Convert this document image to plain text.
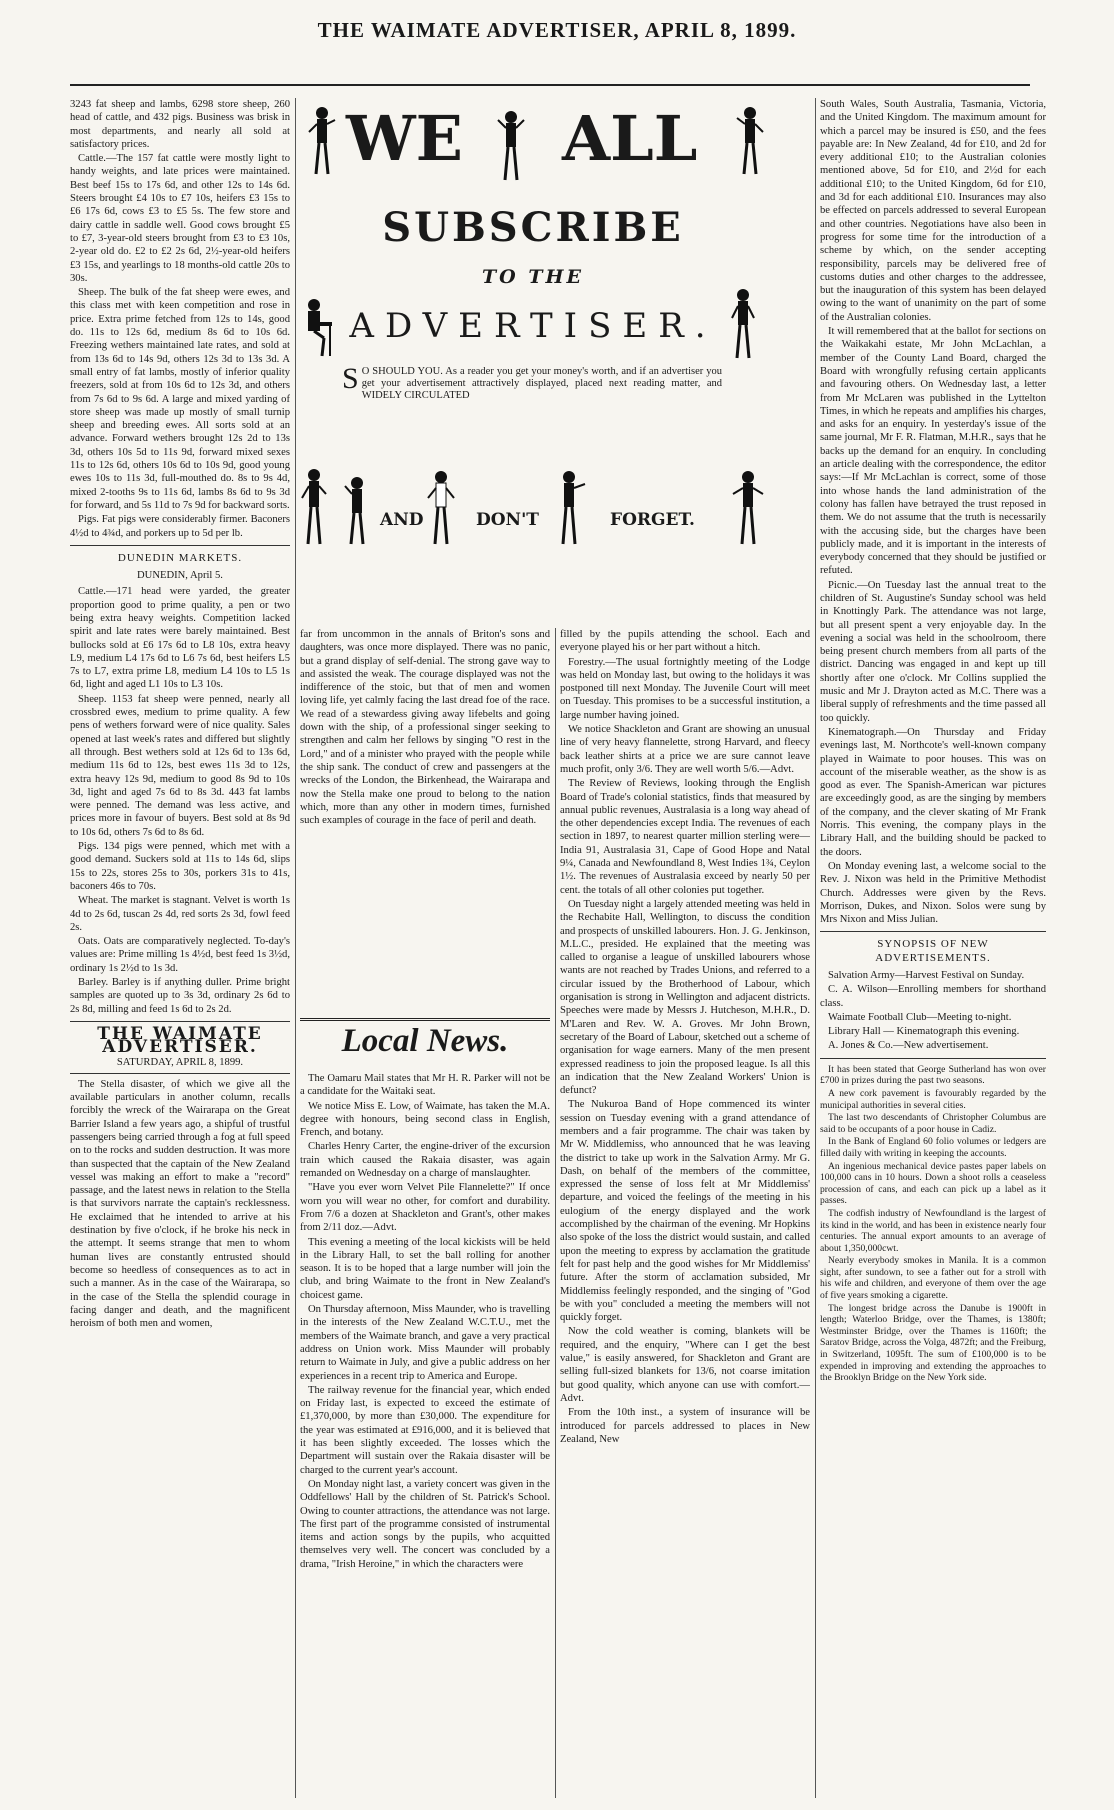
THE WAIMATE ADVERTISER, APRIL 8, 1899.

3243 fat sheep and lambs, 6298 store sheep, 260 head of cattle, and 432 pigs. Business was brisk in most departments, and nearly all sold at satisfactory prices.

Cattle.—The 157 fat cattle were mostly light to handy weights, and late prices were maintained. Best beef 15s to 17s 6d, and other 12s to 14s 6d. Steers brought £4 10s to £7 10s, heifers £3 15s to £6 17s 6d, cows £3 to £5 5s. The few store and dairy cattle in saddle well. Good cows brought £5 to £7, 3-year-old steers brought from £3 to £3 10s, 2-year old do. £2 to £2 2s 6d, 2½-year-old heifers £3 15s, and yearlings to 18 months-old cattle 20s to 30s.

Sheep. The bulk of the fat sheep were ewes, and this class met with keen competition and rose in price. Extra prime fetched from 12s to 14s, good do. 11s to 12s 6d, medium 8s 6d to 10s 6d. Freezing wethers maintained late rates, and sold at from 13s 6d to 14s 9d, others 12s 3d to 13s 3d. A small entry of fat lambs, mostly of inferior quality freezers, sold at from 10s 6d to 12s 3d, and others from 7s 6d to 9s 6d. A large and mixed yarding of store sheep was made up mostly of small turnip sheep and breeding ewes. All sorts sold at an advance. Forward wethers brought 12s 2d to 13s 3d, others 10s 5d to 11s 9d, forward mixed sexes 11s to 12s 6d, others 10s 6d to 10s 9d, good young ewes 10s to 11s 3d, full-mouthed do. 8s to 9s 4d, mixed 2-tooths 9s to 11s 6d, lambs 8s 6d to 9s 3d for forward, and 5s 11d to 7s 9d for backward sorts.

Pigs. Fat pigs were considerably firmer. Baconers 4½d to 4¾d, and porkers up to 5d per lb.

DUNEDIN MARKETS.
DUNEDIN, April 5.

Cattle.—171 head were yarded, the greater proportion good to prime quality, a pen or two being extra heavy weights. Competition lacked spirit and late rates were barely maintained. Best bullocks sold at £6 17s 6d to L8 10s, extra heavy L9, medium L4 17s 6d to L6 7s 6d, best heifers L5 7s to L7, extra prime L8, medium L4 10s to L5 1s 6d, light and aged L1 10s to L3 10s.

Sheep. 1153 fat sheep were penned, nearly all crossbred ewes, medium to prime quality. A few pens of wethers forward were of nice quality. Sales opened at last week's rates and differed but slightly all through. Best wethers sold at 12s 6d to 13s 6d, medium 11s 6d to 12s, best ewes 11s 3d to 12s, extra heavy 12s 9d, medium to good 8s 9d to 10s 3d, light and aged 7s 6d to 8s 3d. 443 fat lambs were penned. The demand was less active, and prices more in favour of buyers. Best sold at 8s 9d to 10s 6d, others 7s 6d to 8s 6d.

Pigs. 134 pigs were penned, which met with a good demand. Suckers sold at 11s to 14s 6d, slips 15s to 22s, stores 25s to 30s, porkers 31s to 41s, baconers 46s to 70s.

Wheat. The market is stagnant. Velvet is worth 1s 4d to 2s 6d, tuscan 2s 4d, red sorts 2s 3d, fowl feed 2s.

Oats. Oats are comparatively neglected. To-day's values are: Prime milling 1s 4½d, best feed 1s 3½d, ordinary 1s 2½d to 1s 3d.

Barley. Barley is if anything duller. Prime bright samples are quoted up to 3s 3d, ordinary 2s 6d to 2s 8d, milling and feed 1s 6d to 2s 2d.

THE WAIMATE ADVERTISER.
SATURDAY, APRIL 8, 1899.

The Stella disaster, of which we give all the available particulars in another column, recalls forcibly the wreck of the Wairarapa on the Great Barrier Island a few years ago, a shipful of trustful passengers being carried through a fog at full speed on to the rocks and sudden destruction. It was more than suspected that the captain of the New Zealand vessel was making an effort to make a "record" passage, and the latest news in relation to the Stella is that survivors narrate the captain's recklessness. He exclaimed that he intended to arrive at his destination by five o'clock, if he broke his neck in the attempt. It seems strange that men to whom human lives are constantly entrusted should become so heedless of consequences as to act in such a manner. As in the case of the Wairarapa, so in the case of the Stella the splendid courage in facing danger and death, and the magnificent heroism of both men and women,

WE ALL
SUBSCRIBE
TO THE
ADVERTISER.
S O SHOULD YOU. As a reader you get your money's worth, and if an advertiser you get your advertisement attractively displayed, placed next reading matter, and WIDELY CIRCULATED
AND	DON'T	FORGET.

far from uncommon in the annals of Briton's sons and daughters, was once more displayed. There was no panic, but a grand display of self-denial. The strong gave way to and assisted the weak. The courage displayed was not the indifference of the stoic, but that of men and women loving life, yet calmly facing the last dread foe of the race. We read of a stewardess giving away lifebelts and going down with the ship, of a professional singer seeking to strengthen and calm her fellows by singing "O rest in the Lord," and of a minister who prayed with the people while the ship sank. The conduct of crew and passengers at the wrecks of the London, the Birkenhead, the Wairarapa and now the Stella make one proud to belong to the nation which, more than any other in modern times, furnished such examples of courage in the face of peril and death.

Local News.

The Oamaru Mail states that Mr H. R. Parker will not be a candidate for the Waitaki seat.

We notice Miss E. Low, of Waimate, has taken the M.A. degree with honours, being second class in English, French, and botany.

Charles Henry Carter, the engine-driver of the excursion train which caused the Rakaia disaster, was again remanded on Wednesday on a charge of manslaughter.

"Have you ever worn Velvet Pile Flannelette?" If once worn you will wear no other, for comfort and durability. From 7/6 a dozen at Shackleton and Grant's, other makes from 2/11 doz.—Advt.

This evening a meeting of the local kickists will be held in the Library Hall, to set the ball rolling for another season. It is to be hoped that a large number will join the club, and bring Waimate to the front in New Zealand's choicest game.

On Thursday afternoon, Miss Maunder, who is travelling in the interests of the New Zealand W.C.T.U., met the members of the Waimate branch, and gave a very practical address on Union work. Miss Maunder will probably return to Waimate in July, and give a public address on her experiences in a recent trip to America and Europe.

The railway revenue for the financial year, which ended on Friday last, is expected to exceed the estimate of £1,370,000, by more than £30,000. The expenditure for the year was estimated at £916,000, and it is believed that it has been slightly exceeded. The losses which the Department will sustain over the Rakaia disaster will be charged to the current year's account.

On Monday night last, a variety concert was given in the Oddfellows' Hall by the children of St. Patrick's School. Owing to counter attractions, the attendance was not large. The first part of the programme consisted of instrumental items and action songs by the pupils, who acquitted themselves very well. The concert was concluded by a drama, "Irish Heroine," in which the characters were

filled by the pupils attending the school. Each and everyone played his or her part without a hitch.

Forestry.—The usual fortnightly meeting of the Lodge was held on Monday last, but owing to the holidays it was postponed till next Monday. The Juvenile Court will meet on Tuesday. This promises to be a successful institution, a large number having joined.

We notice Shackleton and Grant are showing an unusual line of very heavy flannelette, strong Harvard, and fleecy back leather shirts at a price we are sure cannot leave much profit, only 3/6. They are well worth 5/6.—Advt.

The Review of Reviews, looking through the English Board of Trade's colonial statistics, finds that measured by annual public revenues, Australasia is a long way ahead of the other dependencies except India. The revenues of each section in 1897, to nearest quarter million sterling were—India 91, Australasia 31, Cape of Good Hope and Natal 9¼, Canada and Newfoundland 8, West Indies 1¾, Ceylon 1½. The revenues of Australasia exceed by nearly 50 per cent. the totals of all other colonies put together.

On Tuesday night a largely attended meeting was held in the Rechabite Hall, Wellington, to discuss the condition and prospects of unskilled labourers. Hon. J. G. Jenkinson, M.L.C., presided. He explained that the meeting was called to organise a league of unskilled labourers whose wants are not reached by Trades Unions, and referred to a circular issued by the Brotherhood of Labour, which organisation is strong in Wellington and adjacent districts. Speeches were made by Messrs J. Hutcheson, M.H.R., D. M'Laren and Rev. W. A. Groves. Mr John Brown, secretary of the Board of Labour, sketched out a scheme of organisation for wage earners. Many of the men present expressed readiness to join the proposed league. Is all this an indication that the New Zealand Workers' Union is defunct?

The Nukuroa Band of Hope commenced its winter session on Tuesday evening with a grand attendance of members and a fair programme. The chair was taken by Mr W. Middlemiss, who announced that he was leaving the district to take up work in the Salvation Army. Mr G. Dash, on behalf of the members of the committee, expressed the sense of loss felt at Mr Middlemiss' departure, and voiced the feelings of the meeting in his eulogium of the energy displayed and the work accomplished by the chairman of the evening. Mr Hopkins also spoke of the loss the district would sustain, and called upon the meeting to express by acclamation the gratitude felt for past help and the good wishes for Mr Middlemiss' future. After the storm of acclamation subsided, Mr Middlemiss feelingly responded, and the singing of "God be with you" concluded a meeting the members will not quickly forget.

Now the cold weather is coming, blankets will be required, and the enquiry, "Where can I get the best value," is easily answered, for Shackleton and Grant are selling full-sized blankets for 13/6, not coarse imitation but good quality, which anyone can use with comfort.—Advt.

From the 10th inst., a system of insurance will be introduced for parcels addressed to places in New Zealand, New

South Wales, South Australia, Tasmania, Victoria, and the United Kingdom. The maximum amount for which a parcel may be insured is £50, and the fees payable are: In New Zealand, 4d for £10, and 2d for every additional £10; to the Australian colonies mentioned above, 5d for £10, and 2½d for each additional £10; to the United Kingdom, 6d for £10, and 3d for each additional £10. Insurances may also be effected on parcels addressed to several European and other countries. Negotiations have also been in progress for some time for the introduction of a scheme by which, on the sender accepting responsibility, parcels may be delivered free of customs duties and other charges to the addressee, but the inauguration of this system has been delayed owing to the want of unanimity on the part of some of the Australian colonies.

It will remembered that at the ballot for sections on the Waikakahi estate, Mr John McLachlan, a member of the County Land Board, charged the Board with wrongfully refusing certain applicants and favouring others. On Wednesday last, a letter from Mr McLaren was published in the Lyttelton Times, in which he repeats and amplifies his charges, and asks for an enquiry. In yesterday's issue of the same journal, Mr F. R. Flatman, M.H.R., says that he backs up the demand for an enquiry. In concluding an article dealing with the correspondence, the editor says:—If Mr McLachlan is correct, some of those into whose hands the land administration of the colony has fallen have betrayed the trust reposed in them. We do not assume that the truth is necessarily with the accusing side, but the charges have been publicly made, and it is important in the interests of everybody concerned that they should be justified or refuted.

Picnic.—On Tuesday last the annual treat to the children of St. Augustine's Sunday school was held in Knottingly Park. The attendance was not large, but all present spent a very enjoyable day. In the evening a social was held in the schoolroom, there being present church members from all parts of the district. Dancing was engaged in and kept up till shortly after one o'clock. Mr Collins supplied the music and Mr J. Drayton acted as M.C. There was a liberal supply of refreshments and the time passed all too quickly.

Kinematograph.—On Thursday and Friday evenings last, M. Northcote's well-known company played in Waimate to poor houses. This was on account of the miserable weather, as the show is as good as ever. The Spanish-American war pictures are exceedingly good, as are the singing by members of the company, and the clever skating of Mr Frank Norris. This evening, the company plays in the Library Hall, and the building should be packed to the doors.

On Monday evening last, a welcome social to the Rev. J. Nixon was held in the Primitive Methodist Church. Addresses were given by the Revs. Morrison, Dukes, and Nixon. Solos were sung by Mrs Nixon and Miss Julian.

SYNOPSIS OF NEW ADVERTISEMENTS.

Salvation Army—Harvest Festival on Sunday.

C. A. Wilson—Enrolling members for shorthand class.

Waimate Football Club—Meeting to-night.

Library Hall — Kinematograph this evening.

A. Jones & Co.—New advertisement.

It has been stated that George Sutherland has won over £700 in prizes during the past two seasons.

A new cork pavement is favourably regarded by the municipal authorities in several cities.

The last two descendants of Christopher Columbus are said to be occupants of a poor house in Cadiz.

In the Bank of England 60 folio volumes or ledgers are filled daily with writing in keeping the accounts.

An ingenious mechanical device pastes paper labels on 100,000 cans in 10 hours. Down a shoot rolls a ceaseless procession of cans, and each can pick up a label as it passes.

The codfish industry of Newfoundland is the largest of its kind in the world, and has been in existence nearly four centuries. The annual export amounts to an average of about 1,350,000cwt.

Nearly everybody smokes in Manila. It is a common sight, after sundown, to see a father out for a stroll with his wife and children, and everyone of them over the age of five years smoking a cigarette.

The longest bridge across the Danube is 1900ft in length; Waterloo Bridge, over the Thames, is 1380ft; Westminster Bridge, over the Thames is 1160ft; the Saratov Bridge, across the Volga, 4872ft; and the Freiburg, in Switzerland, 1095ft. The sum of £100,000 is to be expended in improving and extending the approaches to the Brooklyn Bridge on the New York side.
